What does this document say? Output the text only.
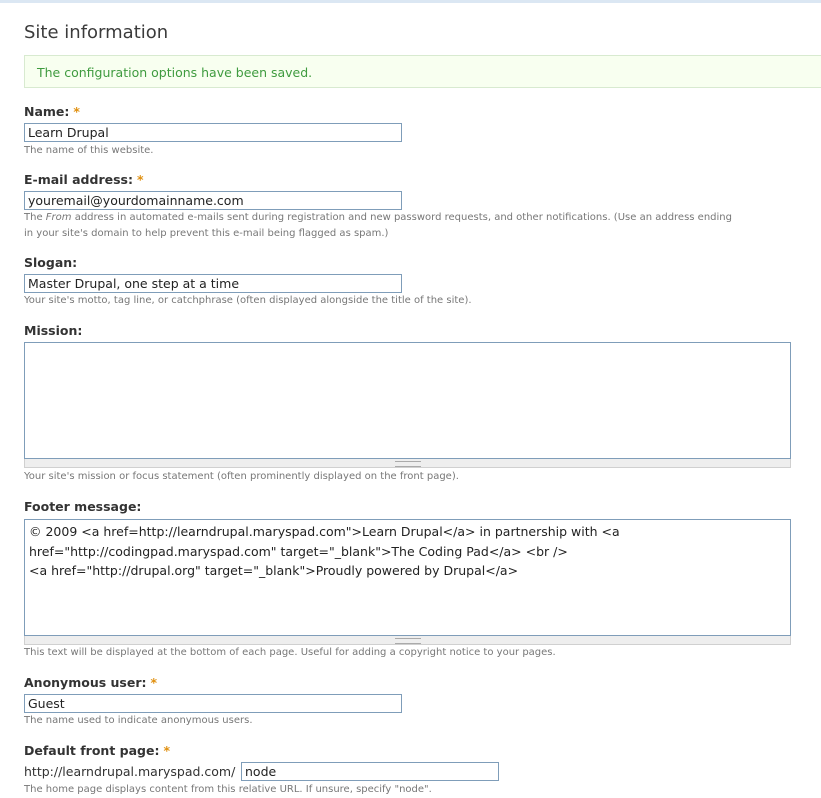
Site information
The configuration options have been saved.
Name: *
Learn Drupal
The name of this website.
E-mail address: *
youremail@yourdomainname.com
The From address in automated e-mails sent during registration and new password requests, and other notifications. (Use an address ending
in your site's domain to help prevent this e-mail being flagged as spam.)
Slogan:
Master Drupal, one step at a time
Your site's motto, tag line, or catchphrase (often displayed alongside the title of the site).
Mission:
Your site's mission or focus statement (often prominently displayed on the front page).
Footer message:
© 2009 <a href=http://learndrupal.maryspad.com">Learn Drupal</a> in partnership with <a
href="http://codingpad.maryspad.com" target="_blank">The Coding Pad</a> <br />
<a href="http://drupal.org" target="_blank">Proudly powered by Drupal</a>
This text will be displayed at the bottom of each page. Useful for adding a copyright notice to your pages.
Anonymous user: *
Guest
The name used to indicate anonymous users.
Default front page: *
http://learndrupal.maryspad.com/
node
The home page displays content from this relative URL. If unsure, specify "node".
